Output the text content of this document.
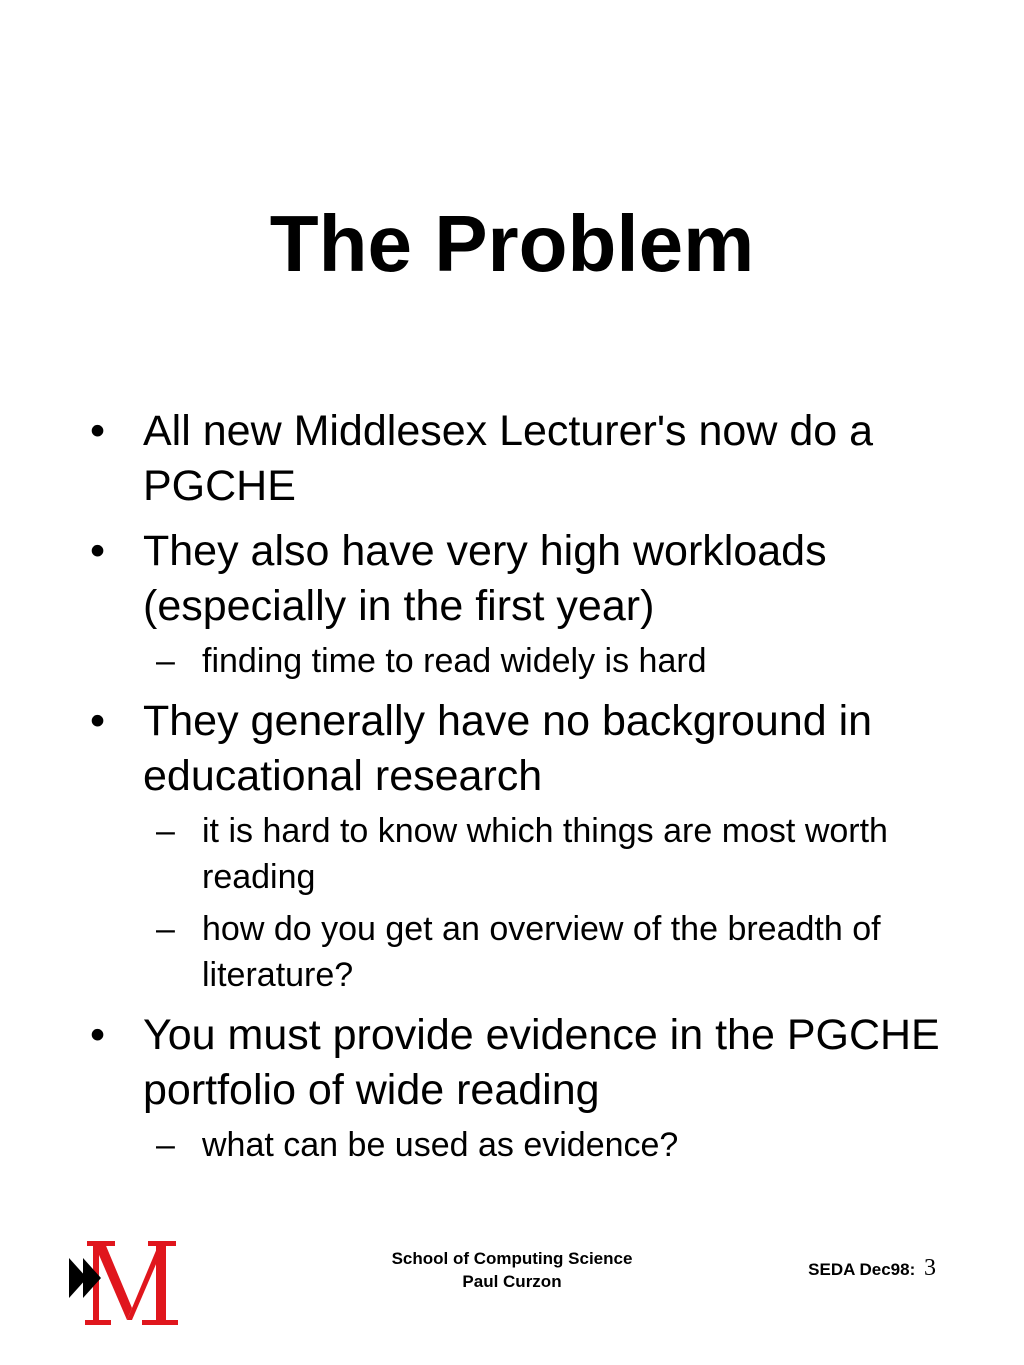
The Problem
• All new Middlesex Lecturer's now do a PGCHE
• They also have very high workloads (especially in the first year)
– finding time to read widely is hard
• They generally have no background in educational research
– it is hard to know which things are most worth reading
– how do you get an overview of the breadth of literature?
• You must provide evidence in the PGCHE portfolio of wide reading
– what can be used as evidence?
School of Computing Science
Paul Curzon
SEDA Dec98: 3
